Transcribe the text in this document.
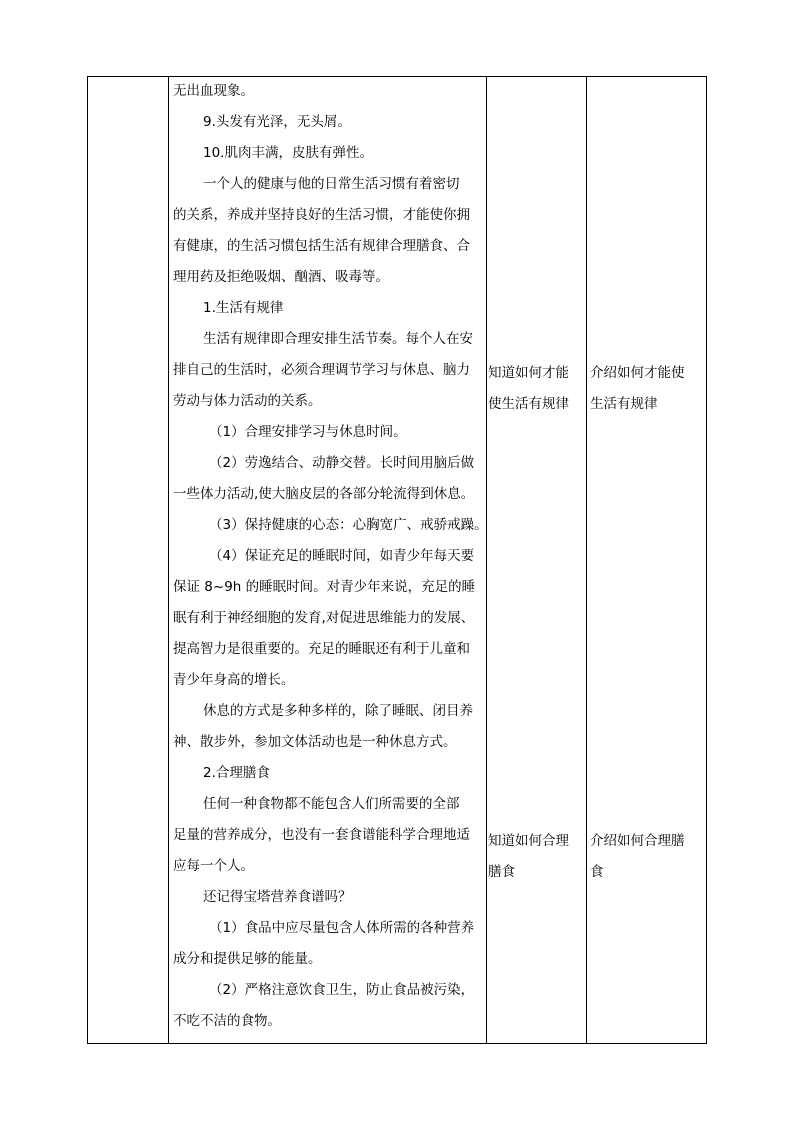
无出血现象。

9.头发有光泽，无头屑。

10.肌肉丰满，皮肤有弹性。

一个人的健康与他的日常生活习惯有着密切

的关系，养成并坚持良好的生活习惯，才能使你拥

有健康，的生活习惯包括生活有规律合理膳食、合

理用药及拒绝吸烟、酗酒、吸毒等。

1.生活有规律

生活有规律即合理安排生活节奏。每个人在安

排自己的生活时，必须合理调节学习与休息、脑力

劳动与体力活动的关系。

（1）合理安排学习与休息时间。

（2）劳逸结合、动静交替。长时间用脑后做

一些体力活动,使大脑皮层的各部分轮流得到休息。

（3）保持健康的心态：心胸宽广、戒骄戒躁。

（4）保证充足的睡眠时间，如青少年每天要

保证 8~9h 的睡眠时间。对青少年来说，充足的睡

眠有利于神经细胞的发育,对促进思维能力的发展、

提高智力是很重要的。充足的睡眠还有利于儿童和

青少年身高的增长。

休息的方式是多种多样的，除了睡眠、闭目养

神、散步外，参加文体活动也是一种休息方式。

2.合理膳食

任何一种食物都不能包含人们所需要的全部

足量的营养成分，也没有一套食谱能科学合理地适

应每一个人。

还记得宝塔营养食谱吗？

（1）食品中应尽量包含人体所需的各种营养

成分和提供足够的能量。

（2）严格注意饮食卫生，防止食品被污染，

不吃不洁的食物。

知道如何才能
使生活有规律
介绍如何才能使
生活有规律
知道如何合理
膳食
介绍如何合理膳
食
